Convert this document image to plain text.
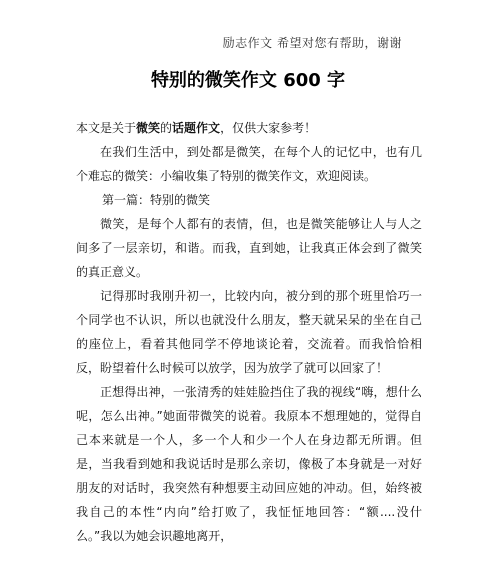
励志作文 希望对您有帮助，谢谢
特别的微笑作文 600 字

本文是关于微笑的话题作文，仅供大家参考！

在我们生活中，到处都是微笑，在每个人的记忆中，也有几个难忘的微笑：小编收集了特别的微笑作文，欢迎阅读。

第一篇：特别的微笑

微笑，是每个人都有的表情，但，也是微笑能够让人与人之间多了一层亲切，和谐。而我，直到她，让我真正体会到了微笑的真正意义。

记得那时我刚升初一，比较内向，被分到的那个班里恰巧一个同学也不认识，所以也就没什么朋友，整天就呆呆的坐在自己的座位上，看着其他同学不停地谈论着，交流着。而我恰恰相反，盼望着什么时候可以放学，因为放学了就可以回家了！

正想得出神，一张清秀的娃娃脸挡住了我的视线“嗨，想什么呢，怎么出神。”她面带微笑的说着。我原本不想理她的，觉得自己本来就是一个人，多一个人和少一个人在身边都无所谓。但是，当我看到她和我说话时是那么亲切，像极了本身就是一对好朋友的对话时，我突然有种想要主动回应她的冲动。但，始终被我自己的本性“内向”给打败了，我怔怔地回答：“额....没什么。”我以为她会识趣地离开，
